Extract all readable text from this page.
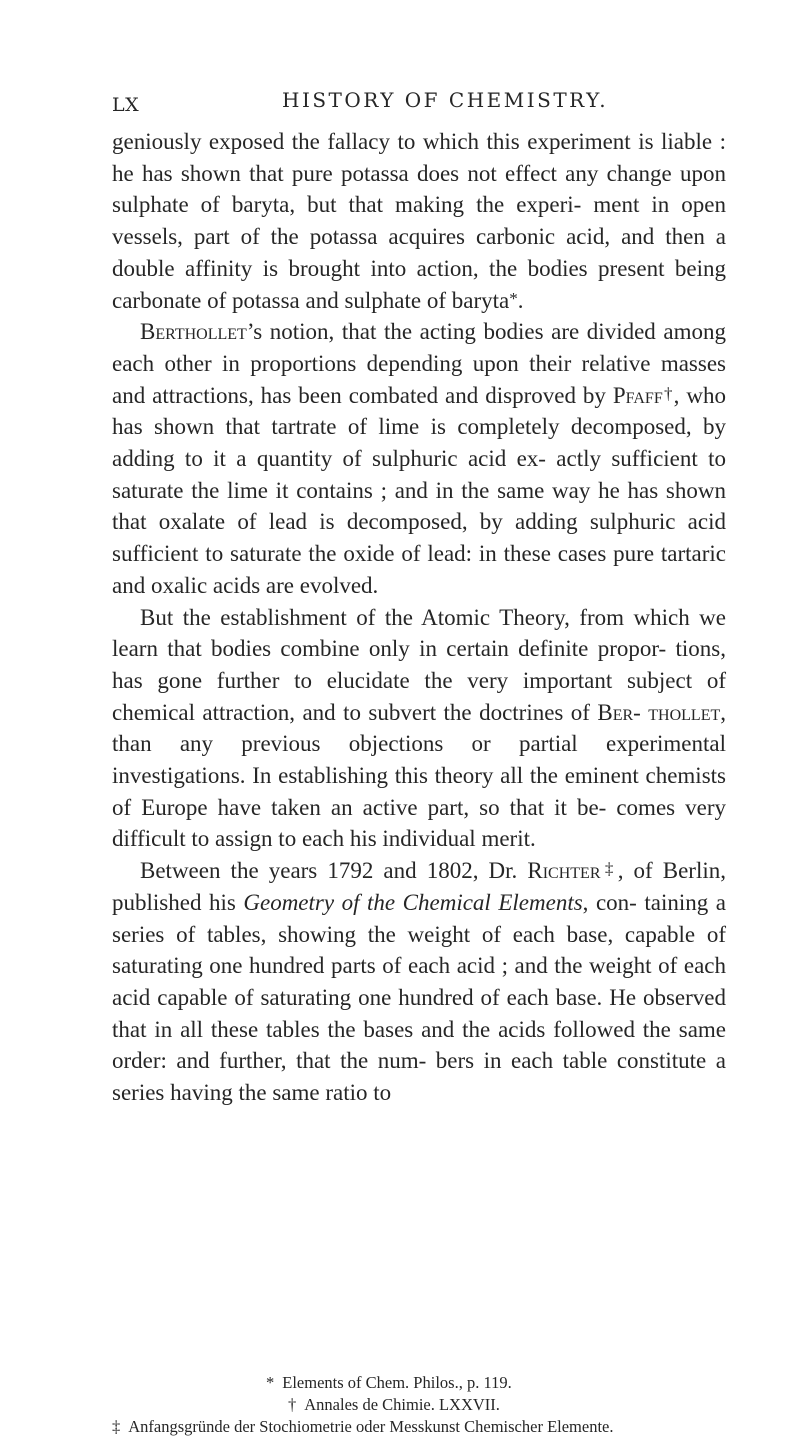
LX	HISTORY OF CHEMISTRY.

geniously exposed the fallacy to which this experiment is liable : he has shown that pure potassa does not effect any change upon sulphate of baryta, but that making the experi- ment in open vessels, part of the potassa acquires carbonic acid, and then a double affinity is brought into action, the bodies present being carbonate of potassa and sulphate of baryta*.

Berthollet’s notion, that the acting bodies are divided among each other in proportions depending upon their relative masses and attractions, has been combated and disproved by Pfaff†, who has shown that tartrate of lime is completely decomposed, by adding to it a quantity of sulphuric acid ex- actly sufficient to saturate the lime it contains ; and in the same way he has shown that oxalate of lead is decomposed, by adding sulphuric acid sufficient to saturate the oxide of lead: in these cases pure tartaric and oxalic acids are evolved.

But the establishment of the Atomic Theory, from which we learn that bodies combine only in certain definite propor- tions, has gone further to elucidate the very important subject of chemical attraction, and to subvert the doctrines of Ber- thollet, than any previous objections or partial experimental investigations. In establishing this theory all the eminent chemists of Europe have taken an active part, so that it be- comes very difficult to assign to each his individual merit.

Between the years 1792 and 1802, Dr. Richter‡, of Berlin, published his Geometry of the Chemical Elements, con- taining a series of tables, showing the weight of each base, capable of saturating one hundred parts of each acid ; and the weight of each acid capable of saturating one hundred of each base. He observed that in all these tables the bases and the acids followed the same order: and further, that the num- bers in each table constitute a series having the same ratio to

* Elements of Chem. Philos., p. 119.
† Annales de Chimie. LXXVII.
‡ Anfangsgründe der Stochiometrie oder Messkunst Chemischer Elemente.
